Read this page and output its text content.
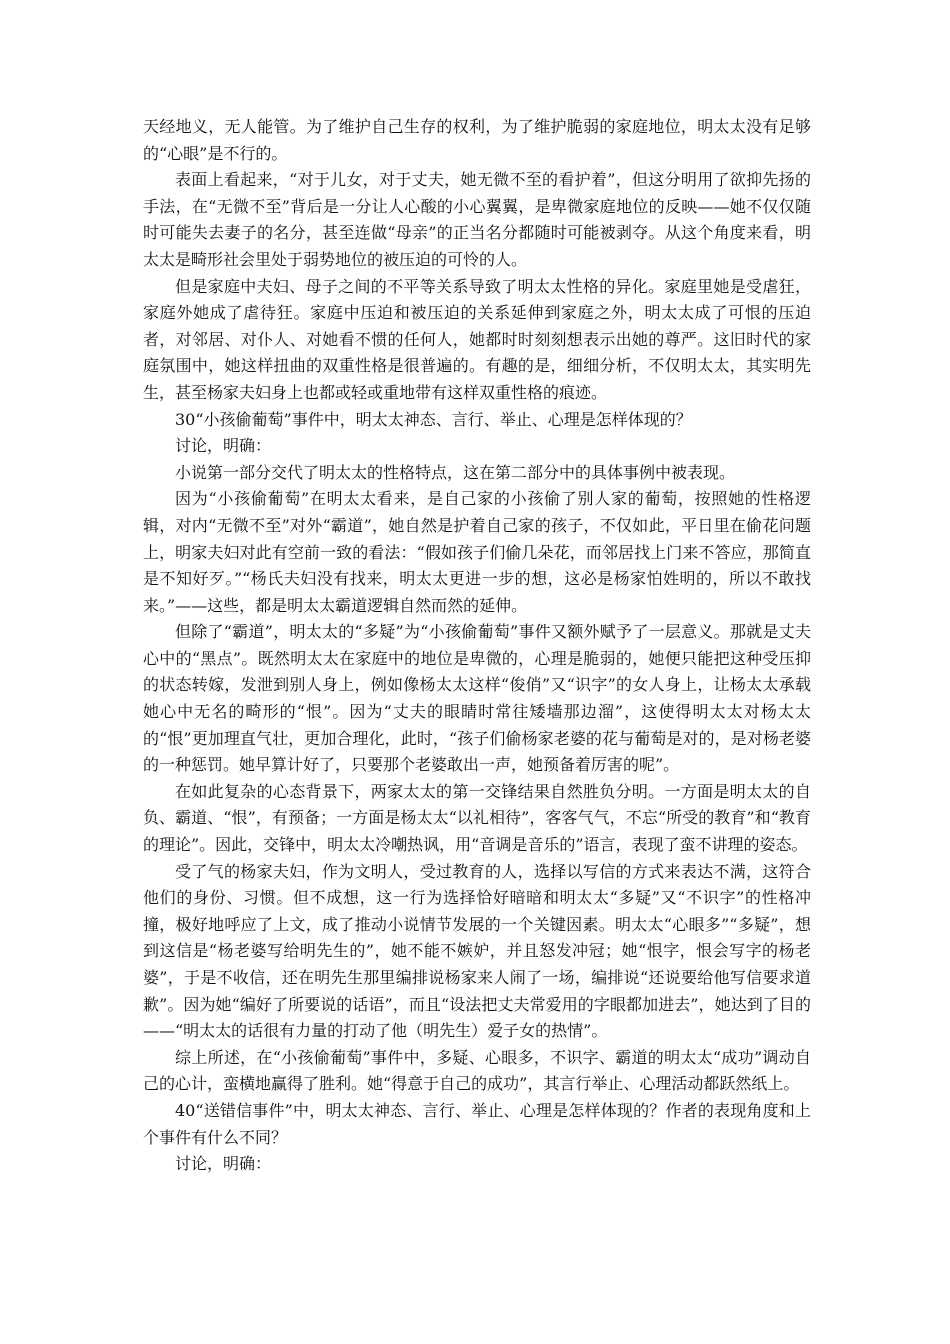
天经地义，无人能管。为了维护自己生存的权利，为了维护脆弱的家庭地位，明太太没有足够的“心眼”是不行的。

表面上看起来，“对于儿女，对于丈夫，她无微不至的看护着”，但这分明用了欲抑先扬的手法，在“无微不至”背后是一分让人心酸的小心翼翼，是卑微家庭地位的反映——她不仅仅随时可能失去妻子的名分，甚至连做“母亲”的正当名分都随时可能被剥夺。从这个角度来看，明太太是畸形社会里处于弱势地位的被压迫的可怜的人。

但是家庭中夫妇、母子之间的不平等关系导致了明太太性格的异化。家庭里她是受虐狂，家庭外她成了虐待狂。家庭中压迫和被压迫的关系延伸到家庭之外，明太太成了可恨的压迫者，对邻居、对仆人、对她看不惯的任何人，她都时时刻刻想表示出她的尊严。这旧时代的家庭氛围中，她这样扭曲的双重性格是很普遍的。有趣的是，细细分析，不仅明太太，其实明先生，甚至杨家夫妇身上也都或轻或重地带有这样双重性格的痕迹。

30“小孩偷葡萄”事件中，明太太神态、言行、举止、心理是怎样体现的？

讨论，明确：

小说第一部分交代了明太太的性格特点，这在第二部分中的具体事例中被表现。

因为“小孩偷葡萄”在明太太看来，是自己家的小孩偷了别人家的葡萄，按照她的性格逻辑，对内“无微不至”对外“霸道”，她自然是护着自己家的孩子，不仅如此，平日里在偷花问题上，明家夫妇对此有空前一致的看法：“假如孩子们偷几朵花，而邻居找上门来不答应，那简直是不知好歹。”“杨氏夫妇没有找来，明太太更进一步的想，这必是杨家怕姓明的，所以不敢找来。”——这些，都是明太太霸道逻辑自然而然的延伸。

但除了“霸道”，明太太的“多疑”为“小孩偷葡萄”事件又额外赋予了一层意义。那就是丈夫心中的“黑点”。既然明太太在家庭中的地位是卑微的，心理是脆弱的，她便只能把这种受压抑的状态转嫁，发泄到别人身上，例如像杨太太这样“俊俏”又“识字”的女人身上，让杨太太承载她心中无名的畸形的“恨”。因为“丈夫的眼睛时常往矮墙那边溜”，这使得明太太对杨太太的“恨”更加理直气壮，更加合理化，此时，“孩子们偷杨家老婆的花与葡萄是对的，是对杨老婆的一种惩罚。她早算计好了，只要那个老婆敢出一声，她预备着厉害的呢”。

在如此复杂的心态背景下，两家太太的第一交锋结果自然胜负分明。一方面是明太太的自负、霸道、“恨”，有预备；一方面是杨太太“以礼相待”，客客气气，不忘“所受的教育”和“教育的理论”。因此，交锋中，明太太冷嘲热讽，用“音调是音乐的”语言，表现了蛮不讲理的姿态。

受了气的杨家夫妇，作为文明人，受过教育的人，选择以写信的方式来表达不满，这符合他们的身份、习惯。但不成想，这一行为选择恰好暗暗和明太太“多疑”又“不识字”的性格冲撞，极好地呼应了上文，成了推动小说情节发展的一个关键因素。明太太“心眼多”“多疑”，想到这信是“杨老婆写给明先生的”，她不能不嫉妒，并且怒发冲冠；她“恨字，恨会写字的杨老婆”，于是不收信，还在明先生那里编排说杨家来人闹了一场，编排说“还说要给他写信要求道歉”。因为她“编好了所要说的话语”，而且“设法把丈夫常爱用的字眼都加进去”，她达到了目的——“明太太的话很有力量的打动了他（明先生）爱子女的热情”。

综上所述，在“小孩偷葡萄”事件中，多疑、心眼多，不识字、霸道的明太太“成功”调动自己的心计，蛮横地赢得了胜利。她“得意于自己的成功”，其言行举止、心理活动都跃然纸上。

40“送错信事件”中，明太太神态、言行、举止、心理是怎样体现的？作者的表现角度和上个事件有什么不同？

讨论，明确：
